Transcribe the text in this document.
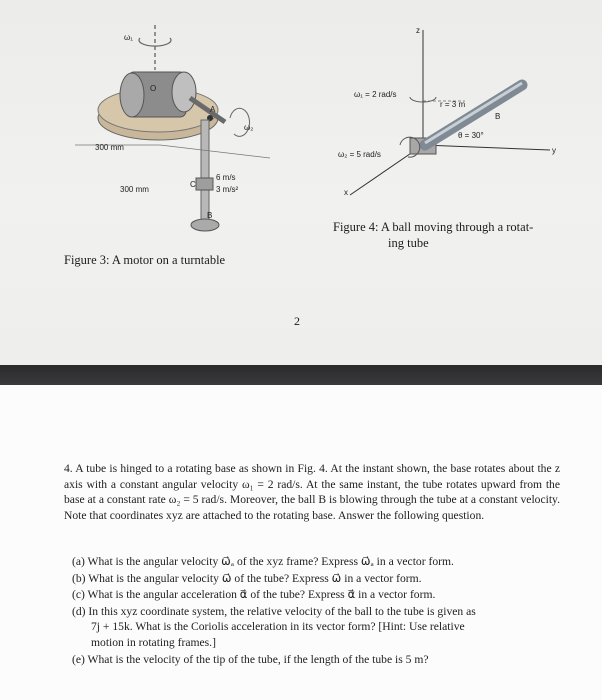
ω₁
O
A
ω₂
C
B
6 m/s
3 m/s²
300 mm
300 mm
z
y
x
ω₁ = 2 rad/s
r = 3 m
B
θ = 30°
ω₂ = 5 rad/s
Figure 3: A motor on a turntable
Figure 4: A ball moving through a rotat-
ing tube
2

4. A tube is hinged to a rotating base as shown in Fig. 4. At the instant shown, the base rotates about the z axis with a constant angular velocity ω₁ = 2 rad/s. At the same instant, the tube rotates upward from the base at a constant rate ω₂ = 5 rad/s. Moreover, the ball B is blowing through the tube at a constant velocity. Note that coordinates xyz are attached to the rotating base. Answer the following question.

(a) What is the angular velocity ω⃗ₐ of the xyz frame? Express ω⃗ₐ in a vector form.
(b) What is the angular velocity ω⃗ of the tube? Express ω⃗ in a vector form.
(c) What is the angular acceleration α⃗ of the tube? Express α⃗ in a vector form.
(d) In this xyz coordinate system, the relative velocity of the ball to the tube is given as
7j + 15k. What is the Coriolis acceleration in its vector form? [Hint: Use relative
motion in rotating frames.]
(e) What is the velocity of the tip of the tube, if the length of the tube is 5 m?
